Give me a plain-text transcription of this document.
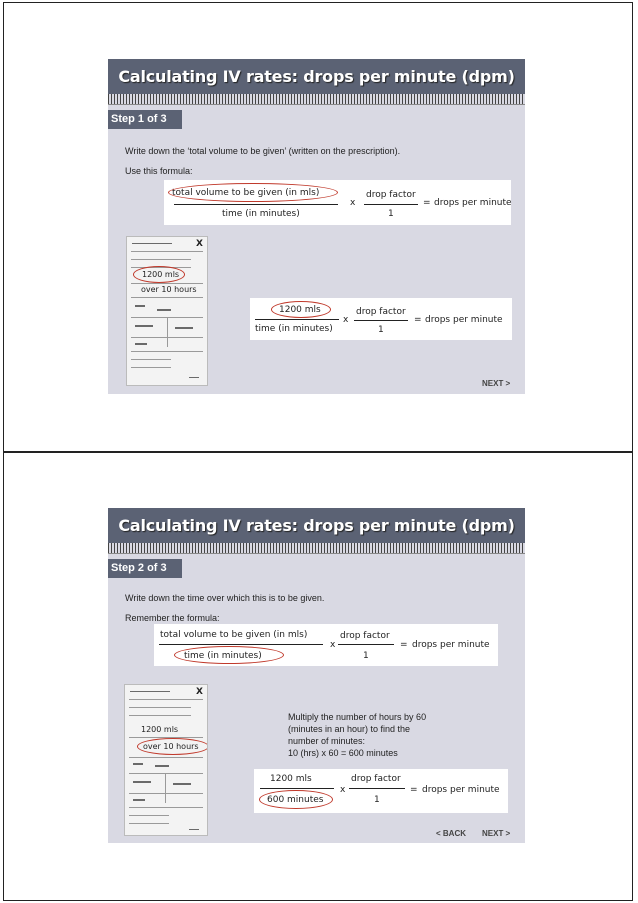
Calculating IV rates: drops per minute (dpm)
Step 1 of 3
Write down the ‘total volume to be given’ (written on the prescription).
Use this formula:
total volume to be given (in mls)
time (in minutes)
x
drop factor
1
= drops per minute
X
1200 mls
over 10 hours
1200 mls
time (in minutes)
x
drop factor
1
= drops per minute
NEXT >
Calculating IV rates: drops per minute (dpm)
Step 2 of 3
Write down the time over which this is to be given.
Remember the formula:
total volume to be given (in mls)
time (in minutes)
x
drop factor
1
= drops per minute
X
1200 mls
over 10 hours
Multiply the number of hours by 60
(minutes in an hour) to find the
number of minutes:
10 (hrs) x 60 = 600 minutes
1200 mls
600 minutes
x
drop factor
1
= drops per minute
< BACK NEXT >
